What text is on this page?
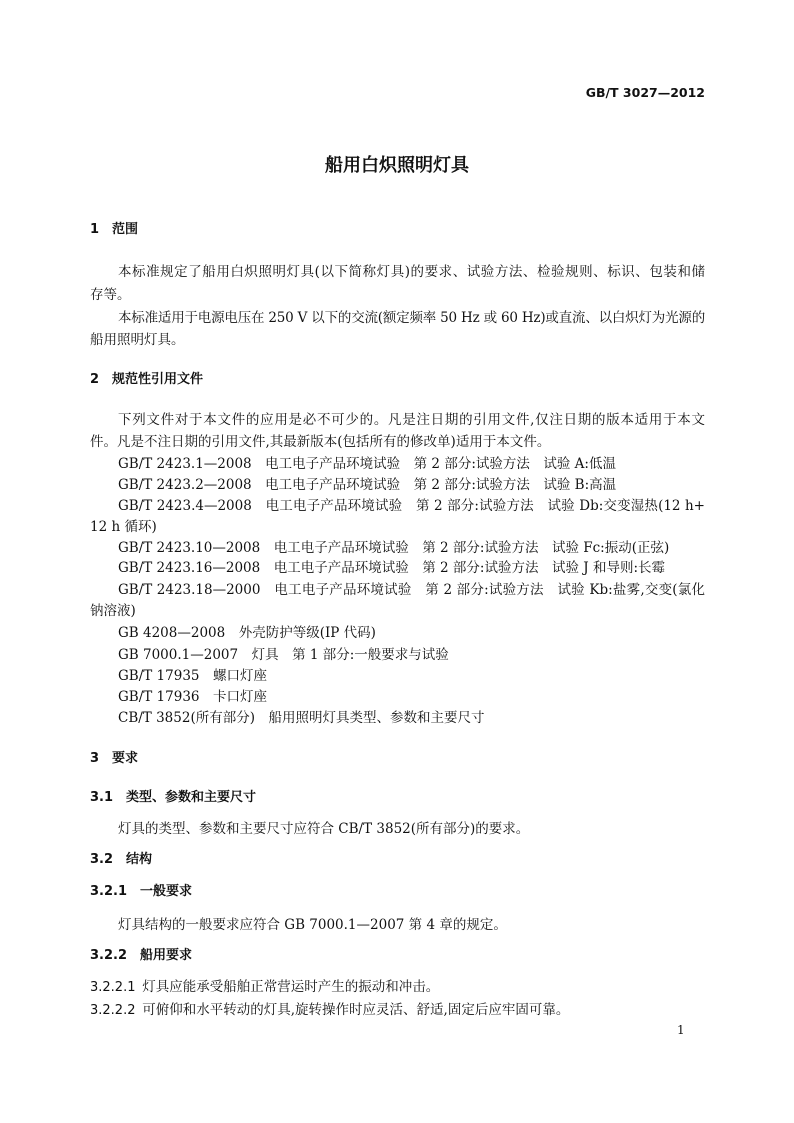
GB/T 3027—2012
船用白炽照明灯具
1  范围
本标准规定了船用白炽照明灯具(以下简称灯具)的要求、试验方法、检验规则、标识、包装和储
存等。
本标准适用于电源电压在 250 V 以下的交流(额定频率 50 Hz 或 60 Hz)或直流、以白炽灯为光源的
船用照明灯具。
2  规范性引用文件
下列文件对于本文件的应用是必不可少的。凡是注日期的引用文件,仅注日期的版本适用于本文
件。凡是不注日期的引用文件,其最新版本(包括所有的修改单)适用于本文件。
GB/T 2423.1—2008　电工电子产品环境试验　第 2 部分:试验方法　试验 A:低温
GB/T 2423.2—2008　电工电子产品环境试验　第 2 部分:试验方法　试验 B:高温
GB/T 2423.4—2008　电工电子产品环境试验　第 2 部分:试验方法　试验 Db:交变湿热(12 h+
12 h 循环)
GB/T 2423.10—2008　电工电子产品环境试验　第 2 部分:试验方法　试验 Fc:振动(正弦)
GB/T 2423.16—2008　电工电子产品环境试验　第 2 部分:试验方法　试验 J 和导则:长霉
GB/T 2423.18—2000　电工电子产品环境试验　第 2 部分:试验方法　试验 Kb:盐雾,交变(氯化
钠溶液)
GB 4208—2008　外壳防护等级(IP 代码)
GB 7000.1—2007　灯具　第 1 部分:一般要求与试验
GB/T 17935　螺口灯座
GB/T 17936　卡口灯座
CB/T 3852(所有部分)　船用照明灯具类型、参数和主要尺寸
3  要求
3.1  类型、参数和主要尺寸
灯具的类型、参数和主要尺寸应符合 CB/T 3852(所有部分)的要求。
3.2  结构
3.2.1  一般要求
灯具结构的一般要求应符合 GB 7000.1—2007 第 4 章的规定。
3.2.2  船用要求
3.2.2.1  灯具应能承受船舶正常营运时产生的振动和冲击。
3.2.2.2  可俯仰和水平转动的灯具,旋转操作时应灵活、舒适,固定后应牢固可靠。
1
